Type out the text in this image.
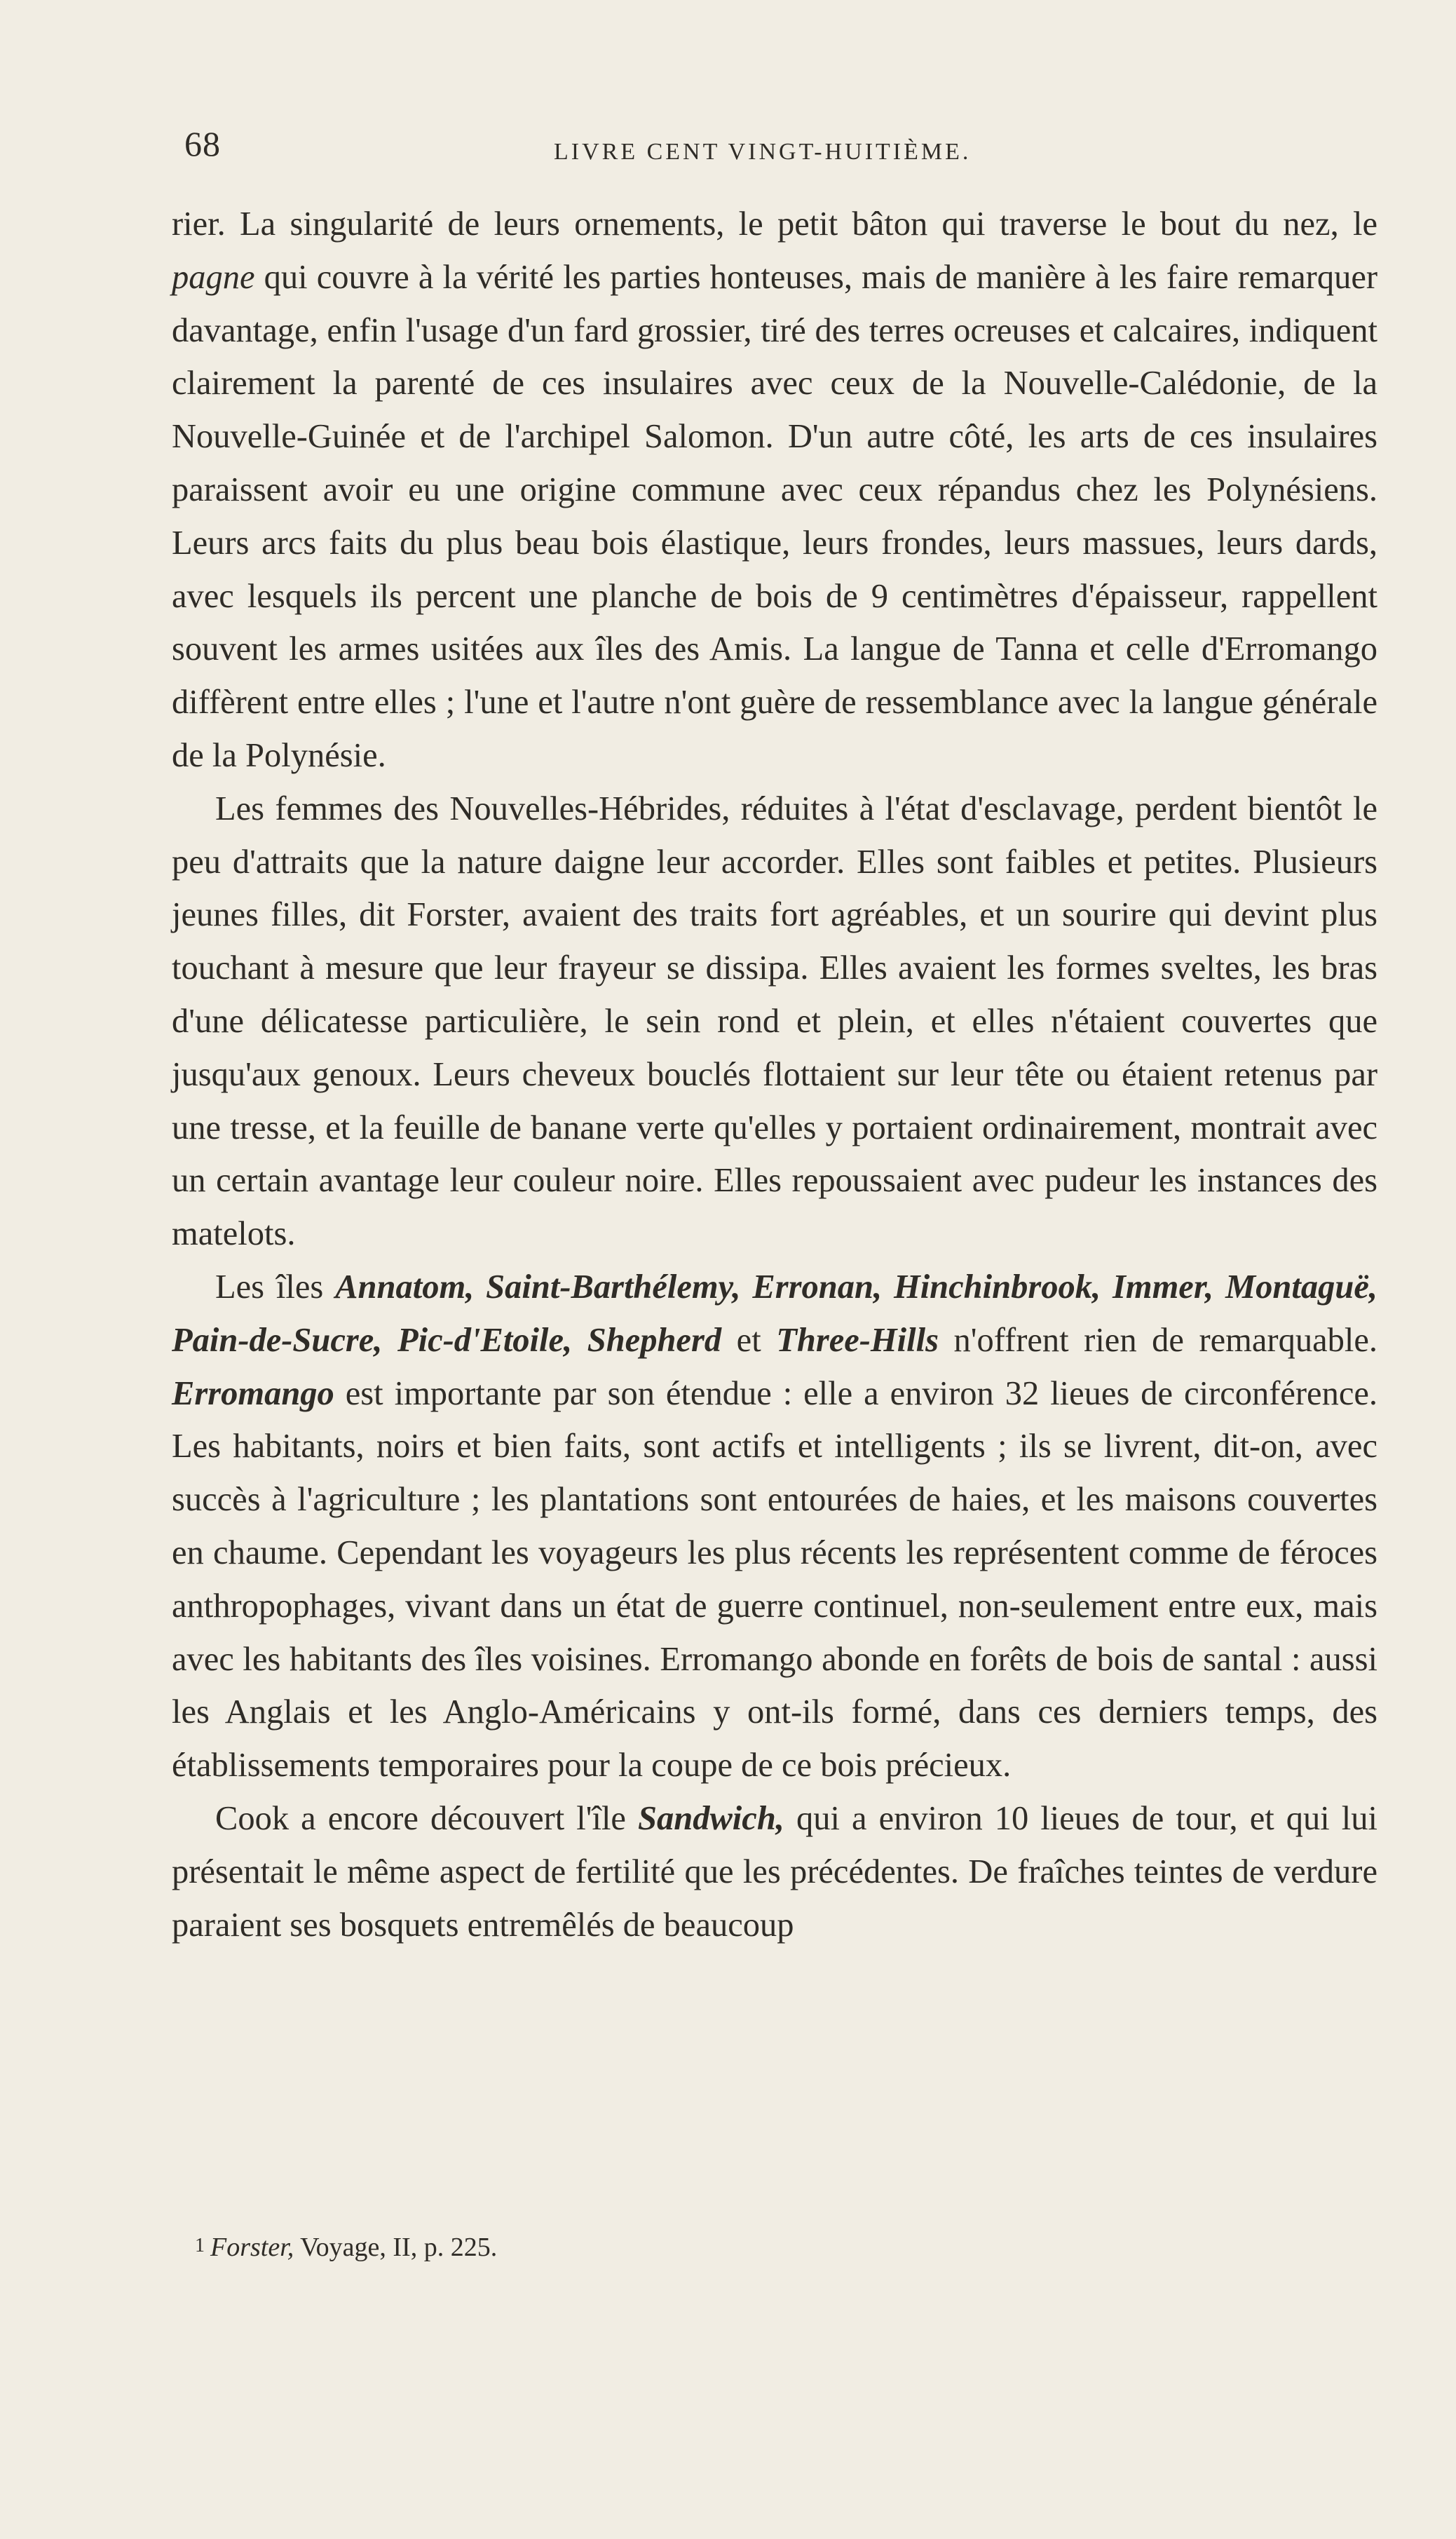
68	LIVRE CENT VINGT-HUITIÈME.

rier. La singularité de leurs ornements, le petit bâton qui traverse le bout du nez, le pagne qui couvre à la vérité les parties honteuses, mais de manière à les faire remarquer davantage, enfin l'usage d'un fard grossier, tiré des terres ocreuses et calcaires, indiquent clairement la parenté de ces insulaires avec ceux de la Nouvelle-Calédonie, de la Nouvelle-Guinée et de l'archipel Salomon. D'un autre côté, les arts de ces insulaires paraissent avoir eu une origine commune avec ceux répandus chez les Polynésiens. Leurs arcs faits du plus beau bois élastique, leurs frondes, leurs massues, leurs dards, avec lesquels ils percent une planche de bois de 9 centimètres d'épaisseur, rappellent souvent les armes usitées aux îles des Amis. La langue de Tanna et celle d'Erromango diffèrent entre elles ; l'une et l'autre n'ont guère de ressemblance avec la langue générale de la Polynésie.

Les femmes des Nouvelles-Hébrides, réduites à l'état d'esclavage, perdent bientôt le peu d'attraits que la nature daigne leur accorder. Elles sont faibles et petites. Plusieurs jeunes filles, dit Forster, avaient des traits fort agréables, et un sourire qui devint plus touchant à mesure que leur frayeur se dissipa. Elles avaient les formes sveltes, les bras d'une délicatesse particulière, le sein rond et plein, et elles n'étaient couvertes que jusqu'aux genoux. Leurs cheveux bouclés flottaient sur leur tête ou étaient retenus par une tresse, et la feuille de banane verte qu'elles y portaient ordinairement, montrait avec un certain avantage leur couleur noire. Elles repoussaient avec pudeur les instances des matelots.

Les îles Annatom, Saint-Barthélemy, Erronan, Hinchinbrook, Immer, Montaguë, Pain-de-Sucre, Pic-d'Etoile, Shepherd et Three-Hills n'offrent rien de remarquable. Erromango est importante par son étendue : elle a environ 32 lieues de circonférence. Les habitants, noirs et bien faits, sont actifs et intelligents ; ils se livrent, dit-on, avec succès à l'agriculture ; les plantations sont entourées de haies, et les maisons couvertes en chaume. Cependant les voyageurs les plus récents les représentent comme de féroces anthropophages, vivant dans un état de guerre continuel, non-seulement entre eux, mais avec les habitants des îles voisines. Erromango abonde en forêts de bois de santal : aussi les Anglais et les Anglo-Américains y ont-ils formé, dans ces derniers temps, des établissements temporaires pour la coupe de ce bois précieux.

Cook a encore découvert l'île Sandwich, qui a environ 10 lieues de tour, et qui lui présentait le même aspect de fertilité que les précédentes. De fraîches teintes de verdure paraient ses bosquets entremêlés de beaucoup

1 Forster, Voyage, II, p. 225.
